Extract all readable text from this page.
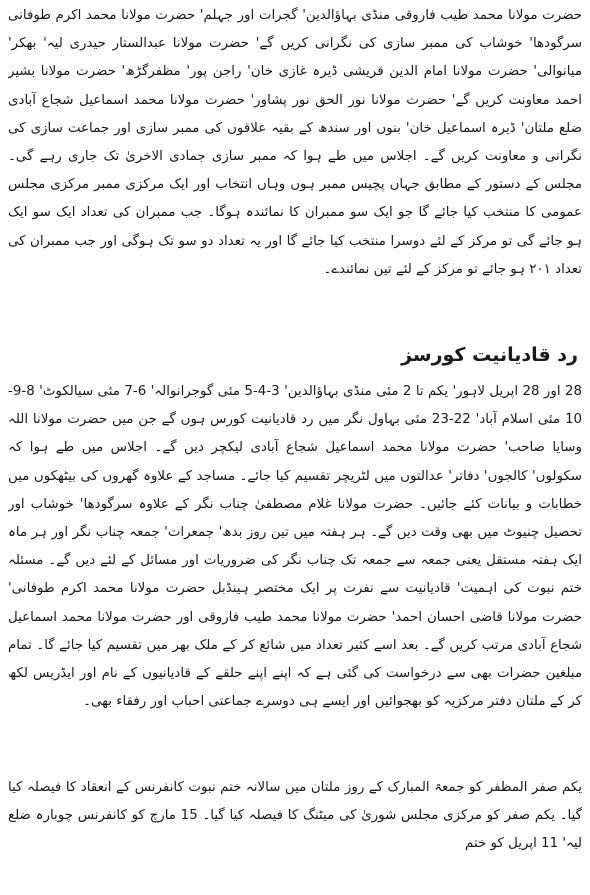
حضرت مولانا محمد طیب فاروقی منڈی بہاؤالدین' گجرات اور جہلم' حضرت مولانا محمد اکرم طوفانی سرگودھا' خوشاب کی ممبر سازی کی نگرانی کریں گے' حضرت مولانا عبدالستار حیدری لیہ' بھکر' میانوالی' حضرت مولانا امام الدین قریشی ڈیرہ غازی خان' راجن پور' مظفرگڑھ' حضرت مولانا بشیر احمد معاونت کریں گے' حضرت مولانا نور الحق نور پشاور' حضرت مولانا محمد اسماعیل شجاع آبادی ضلع ملتان' ڈیرہ اسماعیل خان' بنوں اور سندھ کے بقیہ علاقوں کی ممبر سازی اور جماعت سازی کی نگرانی و معاونت کریں گے۔ اجلاس میں طے ہوا کہ ممبر سازی جمادی الاخریٰ تک جاری رہے گی۔ مجلس کے دستور کے مطابق جہاں پچیس ممبر ہوں وہاں انتخاب اور ایک مرکزی ممبر مرکزی مجلس عمومی کا منتخب کیا جائے گا جو ایک سو ممبران کا نمائندہ ہوگا۔ جب ممبران کی تعداد ایک سو ایک ہو جائے گی تو مرکز کے لئے دوسرا منتخب کیا جائے گا اور یہ تعداد دو سو تک ہوگی اور جب ممبران کی تعداد ۲۰۱ ہو جائے تو مرکز کے لئے تین نمائندے۔

رد قادیانیت کورسز

28 اور 28 اپریل لاہور' یکم تا 2 مئی منڈی بہاؤالدین' 3-4-5 مئی گوجرانوالہ' 6-7 مئی سیالکوٹ' 8-9-10 مئی اسلام آباد' 22-23 مئی بہاول نگر میں رد قادیانیت کورس ہوں گے جن میں حضرت مولانا اللہ وسایا صاحب' حضرت مولانا محمد اسماعیل شجاع آبادی لیکچر دیں گے۔ اجلاس میں طے ہوا کہ سکولوں' کالجوں' دفاتر' عدالتوں میں لٹریچر تقسیم کیا جائے۔ مساجد کے علاوہ گھروں کی بیٹھکوں میں خطابات و بیانات کئے جائیں۔ حضرت مولانا غلام مصطفیٰ چناب نگر کے علاوہ سرگودھا' خوشاب اور تحصیل چنیوٹ میں بھی وقت دیں گے۔ ہر ہفتہ میں تین روز بدھ' جمعرات' جمعہ چناب نگر اور ہر ماہ ایک ہفتہ مستقل یعنی جمعہ سے جمعہ تک چناب نگر کی ضروریات اور مسائل کے لئے دیں گے۔ مسئلہ ختم نبوت کی اہمیت' قادیانیت سے نفرت پر ایک مختصر ہینڈبل حضرت مولانا محمد اکرم طوفانی' حضرت مولانا قاضی احسان احمد' حضرت مولانا محمد طیب فاروقی اور حضرت مولانا محمد اسماعیل شجاع آبادی مرتب کریں گے۔ بعد اسے کثیر تعداد میں شائع کر کے ملک بھر میں تقسیم کیا جائے گا۔ تمام مبلغین حضرات بھی سے درخواست کی گئی ہے کہ اپنے اپنے حلقے کے قادیانیوں کے نام اور ایڈریس لکھ کر کے ملتان دفتر مرکزیہ کو بھجوائیں اور ایسے ہی دوسرے جماعتی احباب اور رفقاء بھی۔

یکم صفر المظفر کو جمعۃ المبارک کے روز ملتان میں سالانہ ختم نبوت کانفرنس کے انعقاد کا فیصلہ کیا گیا۔ یکم صفر کو مرکزی مجلس شوریٰ کی میٹنگ کا فیصلہ کیا گیا۔ 15 مارچ کو کانفرنس چوبارہ ضلع لیہ' 11 اپریل کو ختم
